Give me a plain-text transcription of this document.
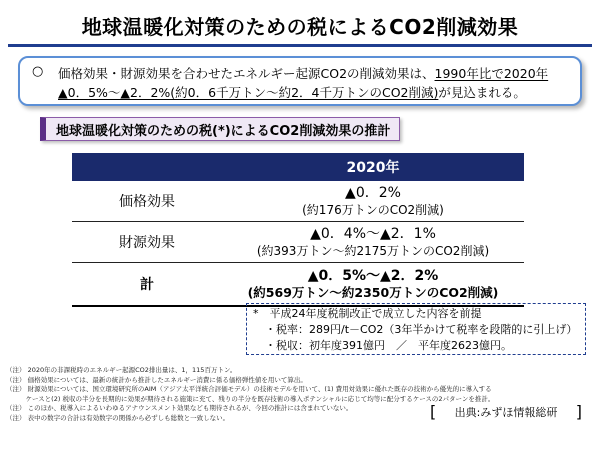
地球温暖化対策のための税によるCO2削減効果
○ 価格効果・財源効果を合わせたエネルギー起源CO2の削減効果は、1990年比で2020年
▲0．5%～▲2．2%(約0．6千万トン～約2．4千万トンのCO2削減)が見込まれる。
地球温暖化対策のための税(*)によるCO2削減効果の推計
	2020年
価格効果	▲0．2%
(約176万トンのCO2削減)

財源効果	▲0．4%～▲2．1%
(約393万トン～約2175万トンのCO2削減)

計	▲0．5%～▲2．2%
(約569万トン～約2350万トンのCO2削減)
*　平成24年度税制改正で成立した内容を前提
・税率：289円/t－CO2（3年半かけて税率を段階的に引上げ）
・税収：初年度391億円　／　平年度2623億円。
（注） 2020年の非課税時のエネルギー起源CO2排出量は、1，115百万トン。
（注） 価格効果については、最新の統計から推計したエネルギー消費に係る価格弾性値を用いて算出。
（注） 財源効果については、国立環境研究所のAIM（アジア太平洋統合評価モデル）の技術モデルを用いて、(1) 費用対効果に優れた既存の技術から優先的に導入する
　　　ケースと(2) 税収の半分を長期的に効果が期待される施策に充て、残りの半分を既存技術の導入ポテンシャルに応じて均等に配分するケースの2パターンを推計。
（注） このほか、税導入によるいわゆるアナウンスメント効果なども期待されるが、今回の推計には含まれていない。
（注） 表中の数字の合計は有効数字の関係から必ずしも総数と一致しない。	[ 出典:みずほ情報総研 ]
